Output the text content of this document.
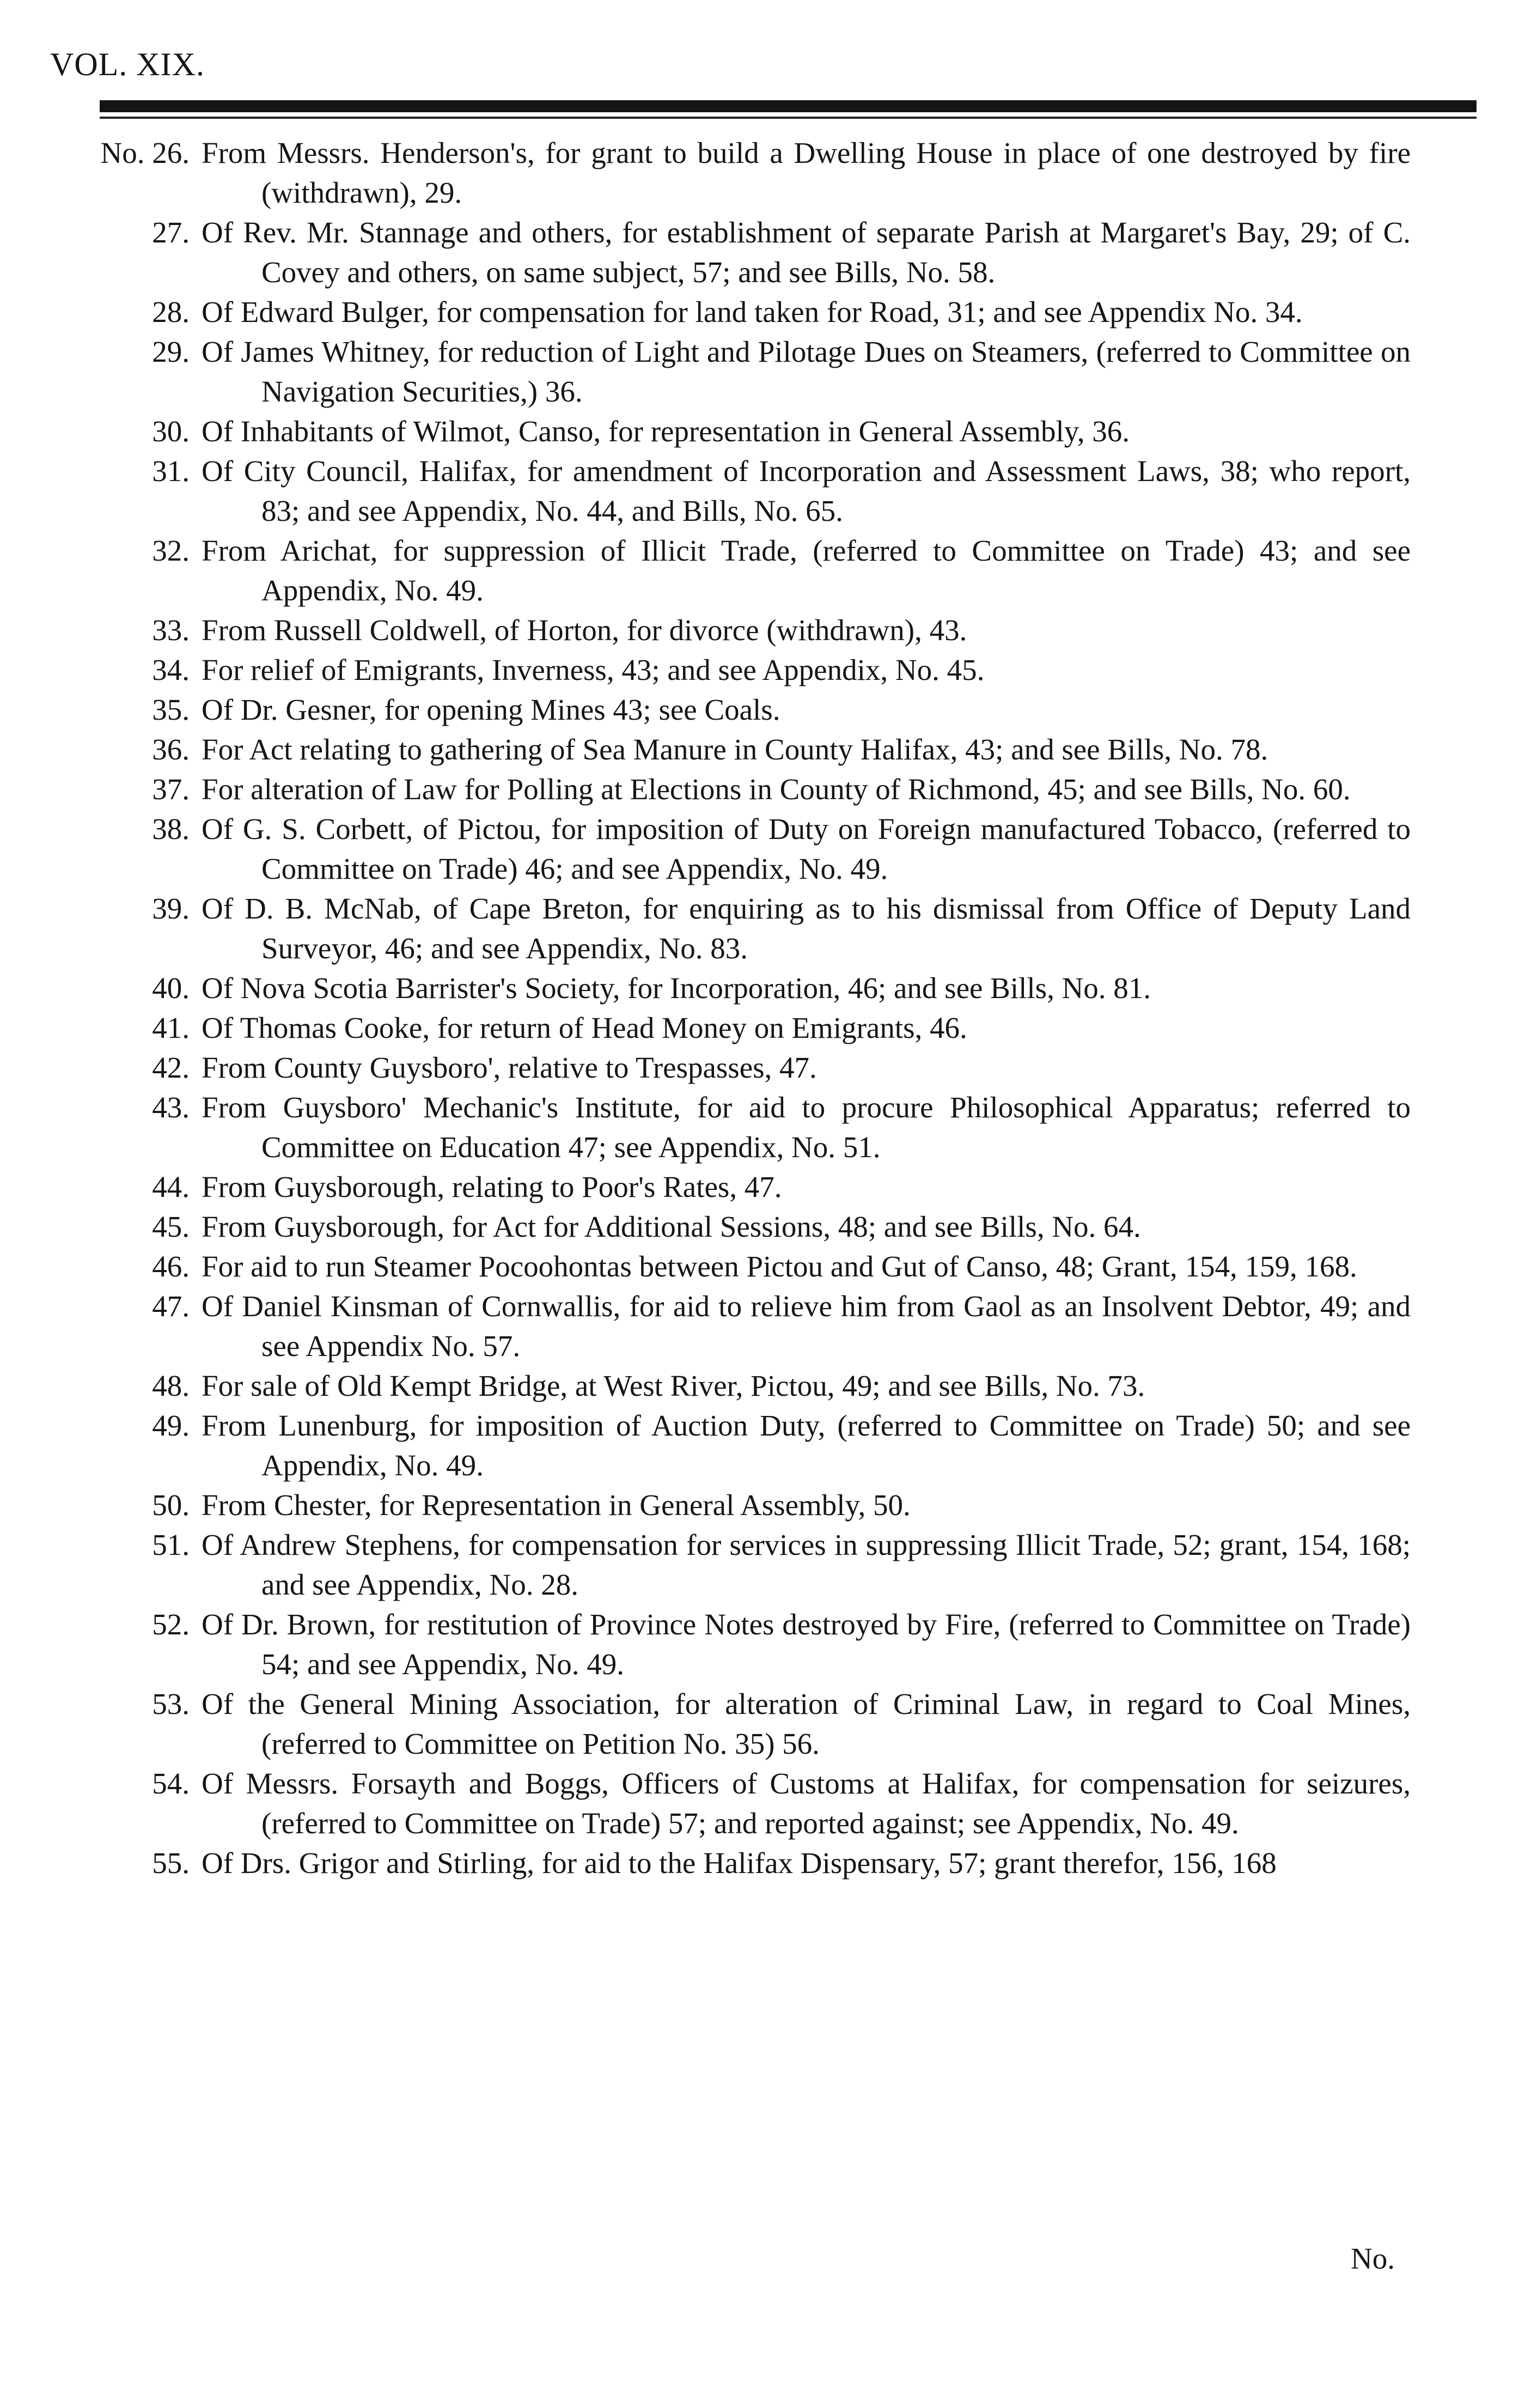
VOL. XIX.
No. 26. From Messrs. Henderson's, for grant to build a Dwelling House in place of one destroyed by fire (withdrawn), 29.
27. Of Rev. Mr. Stannage and others, for establishment of separate Parish at Margaret's Bay, 29; of C. Covey and others, on same subject, 57; and see Bills, No. 58.
28. Of Edward Bulger, for compensation for land taken for Road, 31; and see Appendix No. 34.
29. Of James Whitney, for reduction of Light and Pilotage Dues on Steamers, (referred to Committee on Navigation Securities,) 36.
30. Of Inhabitants of Wilmot, Canso, for representation in General Assembly, 36.
31. Of City Council, Halifax, for amendment of Incorporation and Assessment Laws, 38; who report, 83; and see Appendix, No. 44, and Bills, No. 65.
32. From Arichat, for suppression of Illicit Trade, (referred to Committee on Trade) 43; and see Appendix, No. 49.
33. From Russell Coldwell, of Horton, for divorce (withdrawn), 43.
34. For relief of Emigrants, Inverness, 43; and see Appendix, No. 45.
35. Of Dr. Gesner, for opening Mines 43; see Coals.
36. For Act relating to gathering of Sea Manure in County Halifax, 43; and see Bills, No. 78.
37. For alteration of Law for Polling at Elections in County of Richmond, 45; and see Bills, No. 60.
38. Of G. S. Corbett, of Pictou, for imposition of Duty on Foreign manufactured Tobacco, (referred to Committee on Trade) 46; and see Appendix, No. 49.
39. Of D. B. McNab, of Cape Breton, for enquiring as to his dismissal from Office of Deputy Land Surveyor, 46; and see Appendix, No. 83.
40. Of Nova Scotia Barrister's Society, for Incorporation, 46; and see Bills, No. 81.
41. Of Thomas Cooke, for return of Head Money on Emigrants, 46.
42. From County Guysboro', relative to Trespasses, 47.
43. From Guysboro' Mechanic's Institute, for aid to procure Philosophical Apparatus; referred to Committee on Education 47; see Appendix, No. 51.
44. From Guysborough, relating to Poor's Rates, 47.
45. From Guysborough, for Act for Additional Sessions, 48; and see Bills, No. 64.
46. For aid to run Steamer Pocoohontas between Pictou and Gut of Canso, 48; Grant, 154, 159, 168.
47. Of Daniel Kinsman of Cornwallis, for aid to relieve him from Gaol as an Insolvent Debtor, 49; and see Appendix No. 57.
48. For sale of Old Kempt Bridge, at West River, Pictou, 49; and see Bills, No. 73.
49. From Lunenburg, for imposition of Auction Duty, (referred to Committee on Trade) 50; and see Appendix, No. 49.
50. From Chester, for Representation in General Assembly, 50.
51. Of Andrew Stephens, for compensation for services in suppressing Illicit Trade, 52; grant, 154, 168; and see Appendix, No. 28.
52. Of Dr. Brown, for restitution of Province Notes destroyed by Fire, (referred to Committee on Trade) 54; and see Appendix, No. 49.
53. Of the General Mining Association, for alteration of Criminal Law, in regard to Coal Mines, (referred to Committee on Petition No. 35) 56.
54. Of Messrs. Forsayth and Boggs, Officers of Customs at Halifax, for compensation for seizures, (referred to Committee on Trade) 57; and reported against; see Appendix, No. 49.
55. Of Drs. Grigor and Stirling, for aid to the Halifax Dispensary, 57; grant therefor, 156, 168
No.
